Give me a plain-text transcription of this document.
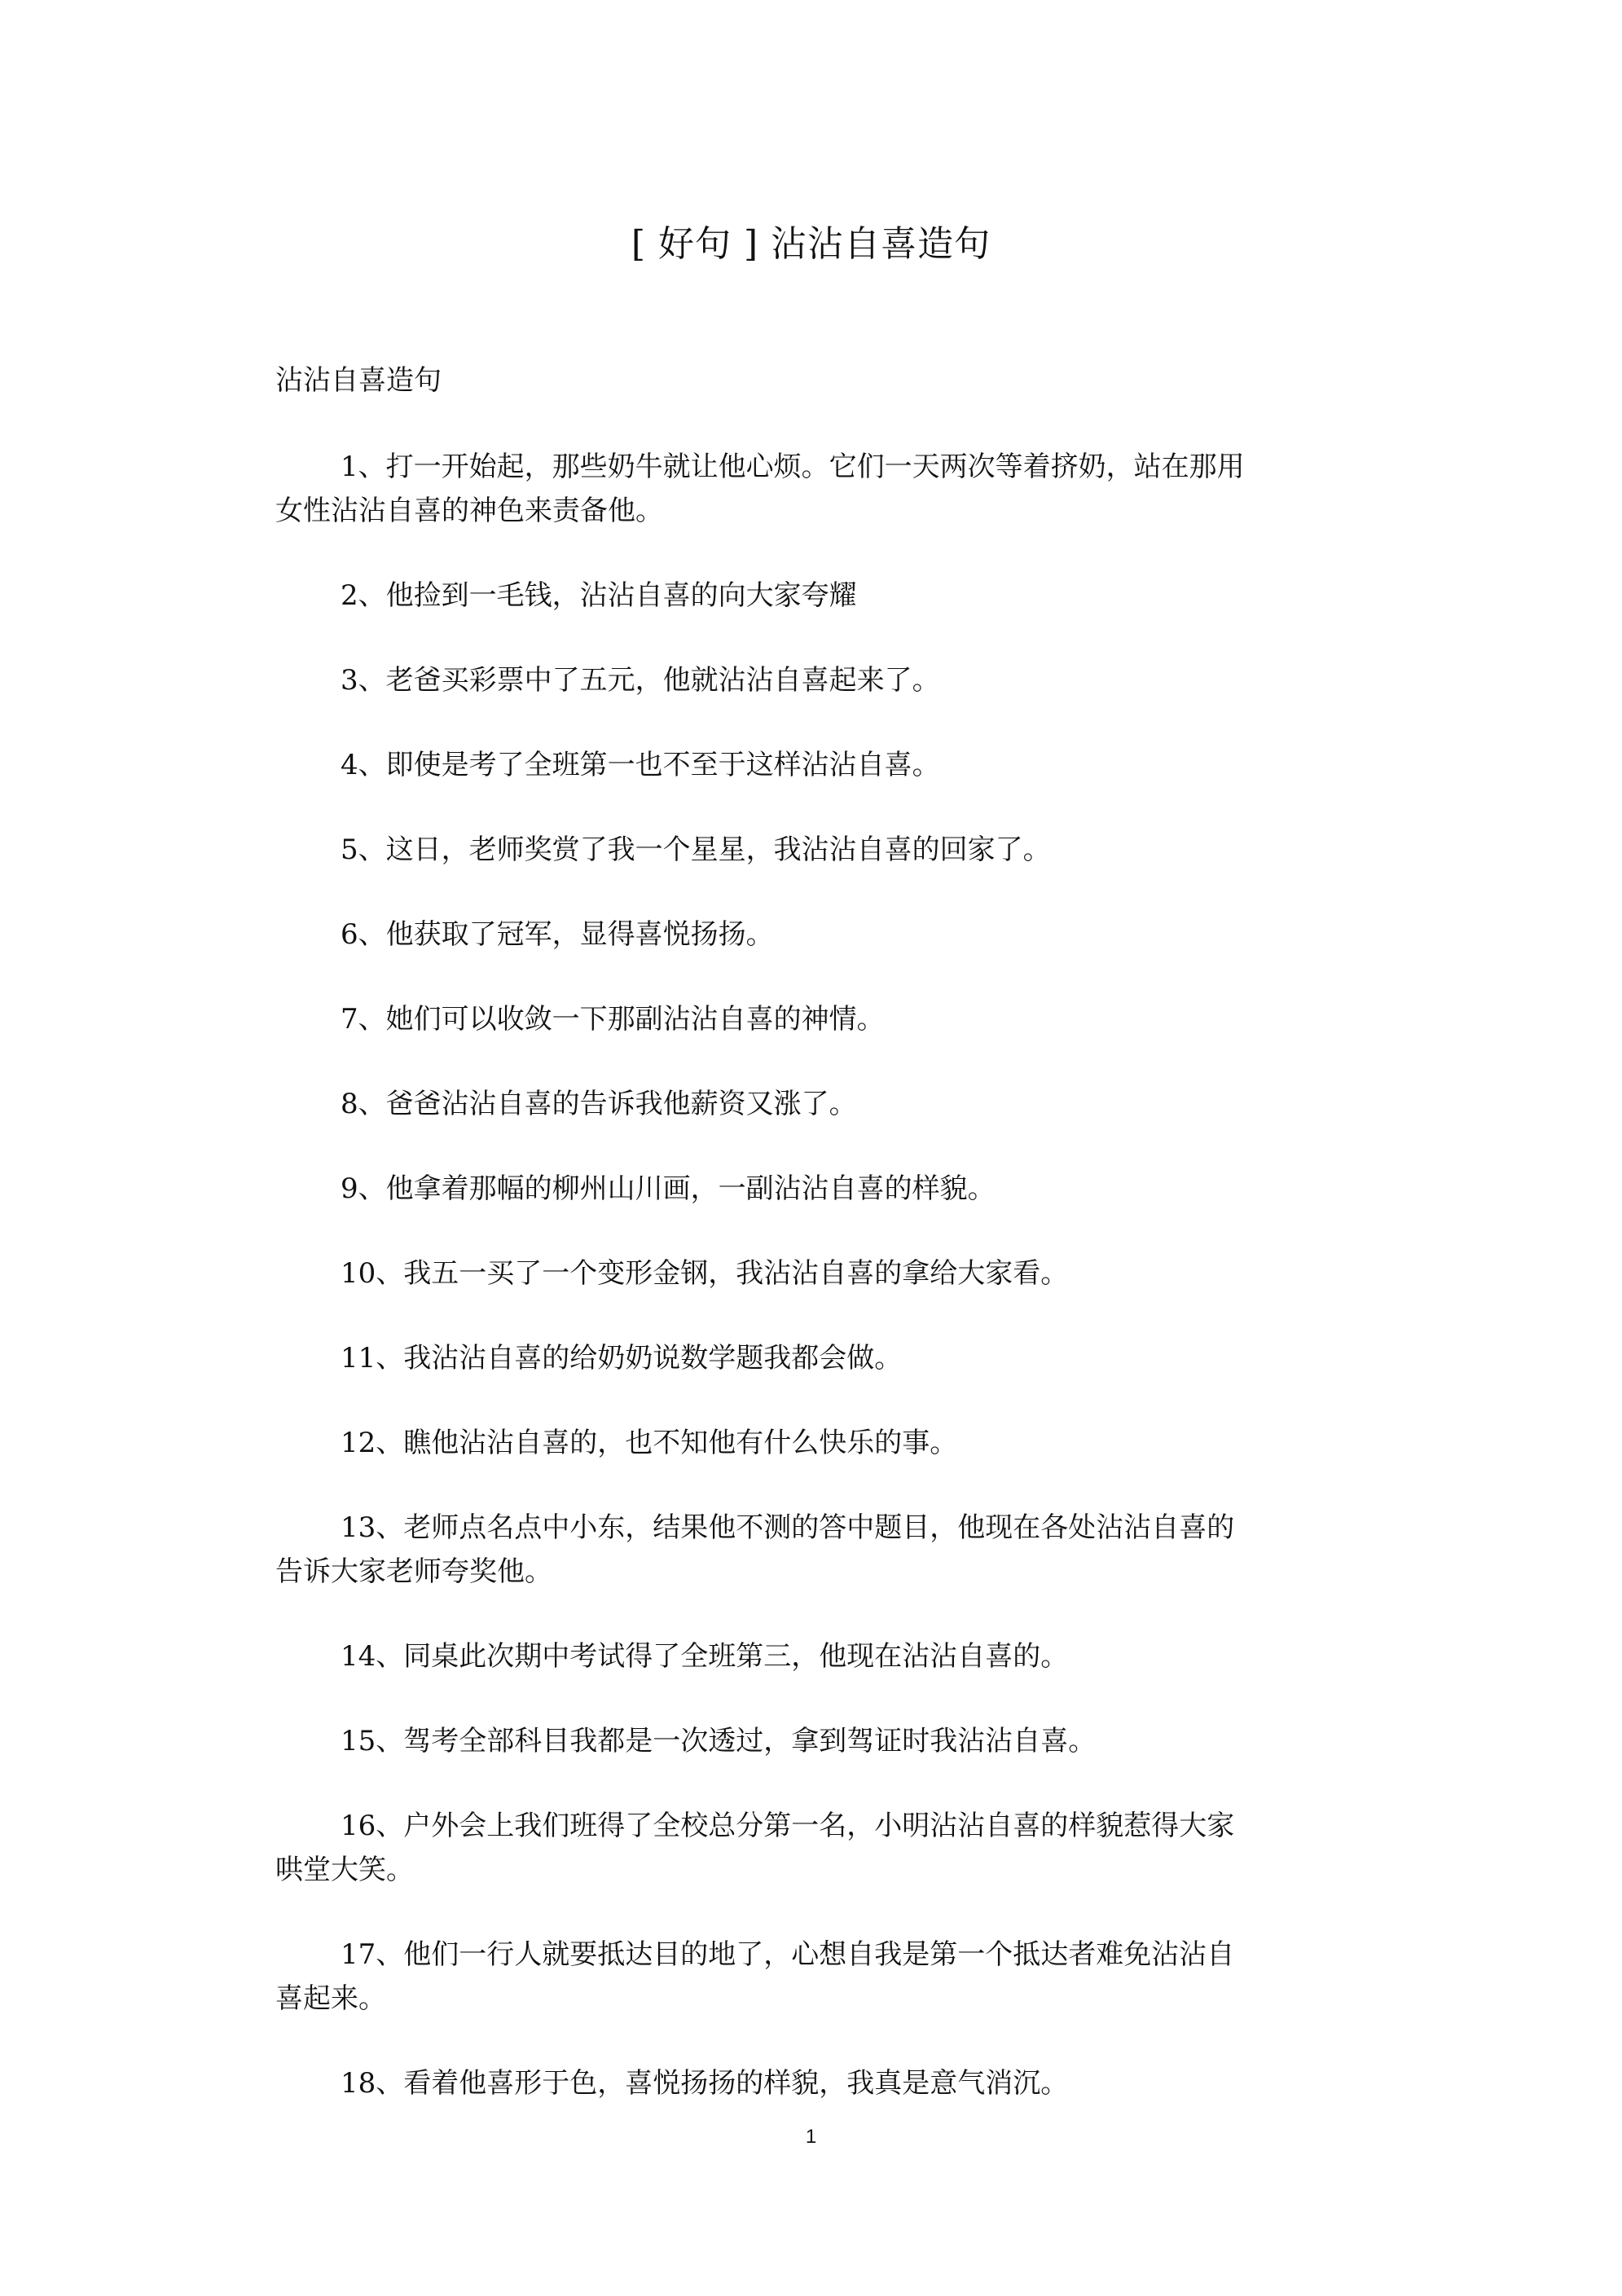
[ 好句 ] 沾沾自喜造句
沾沾自喜造句
1、打一开始起，那些奶牛就让他心烦。它们一天两次等着挤奶，站在那用女性沾沾自喜的神色来责备他。
2、他捡到一毛钱，沾沾自喜的向大家夸耀
3、老爸买彩票中了五元，他就沾沾自喜起来了。
4、即使是考了全班第一也不至于这样沾沾自喜。
5、这日，老师奖赏了我一个星星，我沾沾自喜的回家了。
6、他获取了冠军，显得喜悦扬扬。
7、她们可以收敛一下那副沾沾自喜的神情。
8、爸爸沾沾自喜的告诉我他薪资又涨了。
9、他拿着那幅的柳州山川画，一副沾沾自喜的样貌。
10、我五一买了一个变形金钢，我沾沾自喜的拿给大家看。
11、我沾沾自喜的给奶奶说数学题我都会做。
12、瞧他沾沾自喜的，也不知他有什么快乐的事。
13、老师点名点中小东，结果他不测的答中题目，他现在各处沾沾自喜的告诉大家老师夸奖他。
14、同桌此次期中考试得了全班第三，他现在沾沾自喜的。
15、驾考全部科目我都是一次透过，拿到驾证时我沾沾自喜。
16、户外会上我们班得了全校总分第一名，小明沾沾自喜的样貌惹得大家哄堂大笑。
17、他们一行人就要抵达目的地了，心想自我是第一个抵达者难免沾沾自喜起来。
18、看着他喜形于色，喜悦扬扬的样貌，我真是意气消沉。
1
